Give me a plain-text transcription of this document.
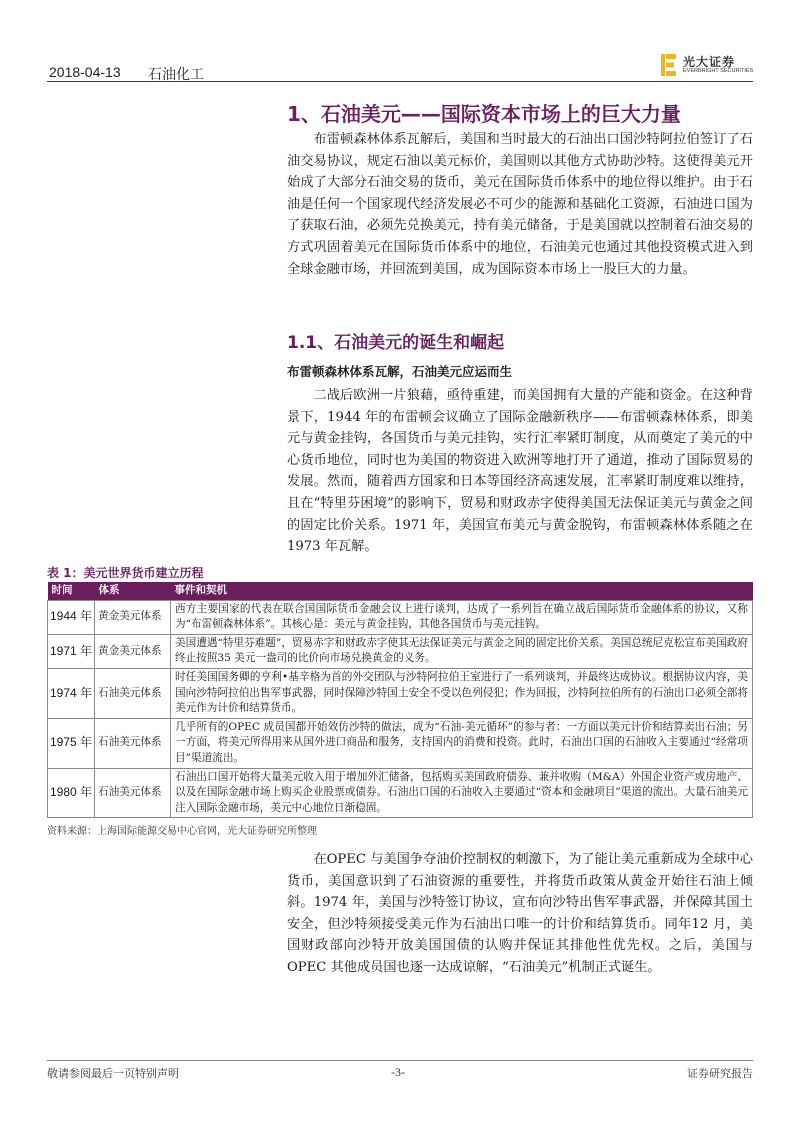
2018-04-13 石油化工
光大证券
EVERBRIGHT SECURITIES
1、石油美元——国际资本市场上的巨大力量

布雷顿森林体系瓦解后，美国和当时最大的石油出口国沙特阿拉伯签订了石油交易协议，规定石油以美元标价，美国则以其他方式协助沙特。这使得美元开始成了大部分石油交易的货币，美元在国际货币体系中的地位得以维护。由于石油是任何一个国家现代经济发展必不可少的能源和基础化工资源，石油进口国为了获取石油，必须先兑换美元，持有美元储备，于是美国就以控制着石油交易的方式巩固着美元在国际货币体系中的地位，石油美元也通过其他投资模式进入到全球金融市场，并回流到美国，成为国际资本市场上一股巨大的力量。

1.1、石油美元的诞生和崛起
布雷顿森林体系瓦解，石油美元应运而生

二战后欧洲一片狼藉，亟待重建，而美国拥有大量的产能和资金。在这种背景下，1944 年的布雷顿会议确立了国际金融新秩序——布雷顿森林体系，即美元与黄金挂钩，各国货币与美元挂钩，实行汇率紧盯制度，从而奠定了美元的中心货币地位，同时也为美国的物资进入欧洲等地打开了通道，推动了国际贸易的发展。然而，随着西方国家和日本等国经济高速发展，汇率紧盯制度难以维持，且在“特里芬困境”的影响下，贸易和财政赤字使得美国无法保证美元与黄金之间的固定比价关系。1971 年，美国宣布美元与黄金脱钩，布雷顿森林体系随之在1973 年瓦解。

表 1：美元世界货币建立历程
时间	体系	事件和契机
1944 年	黄金美元体系	西方主要国家的代表在联合国国际货币金融会议上进行谈判，达成了一系列旨在确立战后国际货币金融体系的协议，又称为“布雷顿森林体系”。其核心是：美元与黄金挂钩，其他各国货币与美元挂钩。
1971 年	黄金美元体系	美国遭遇“特里芬难题”，贸易赤字和财政赤字使其无法保证美元与黄金之间的固定比价关系。美国总统尼克松宣布美国政府终止按照35 美元一盎司的比价向市场兑换黄金的义务。
1974 年	石油美元体系	时任美国国务卿的亨利•基辛格为首的外交团队与沙特阿拉伯王室进行了一系列谈判，并最终达成协议。根据协议内容，美国向沙特阿拉伯出售军事武器，同时保障沙特国土安全不受以色列侵犯；作为回报，沙特阿拉伯所有的石油出口必须全部将美元作为计价和结算货币。
1975 年	石油美元体系	几乎所有的OPEC 成员国都开始效仿沙特的做法，成为“石油-美元循环”的参与者：一方面以美元计价和结算卖出石油；另一方面，将美元所得用来从国外进口商品和服务，支持国内的消费和投资。此时，石油出口国的石油收入主要通过“经常项目”渠道流出。
1980 年	石油美元体系	石油出口国开始将大量美元收入用于增加外汇储备，包括购买美国政府债券、兼并收购（M&A）外国企业资产或房地产、以及在国际金融市场上购买企业股票或债券。石油出口国的石油收入主要通过“资本和金融项目”渠道的流出。大量石油美元注入国际金融市场，美元中心地位日渐稳固。
资料来源：上海国际能源交易中心官网，光大证券研究所整理

在OPEC 与美国争夺油价控制权的刺激下，为了能让美元重新成为全球中心货币，美国意识到了石油资源的重要性，并将货币政策从黄金开始往石油上倾斜。1974 年，美国与沙特签订协议，宣布向沙特出售军事武器，并保障其国土安全，但沙特须接受美元作为石油出口唯一的计价和结算货币。同年12 月，美国财政部向沙特开放美国国债的认购并保证其排他性优先权。之后，美国与OPEC 其他成员国也逐一达成谅解，“石油美元”机制正式诞生。

敬请参阅最后一页特别声明	-3-	证券研究报告
